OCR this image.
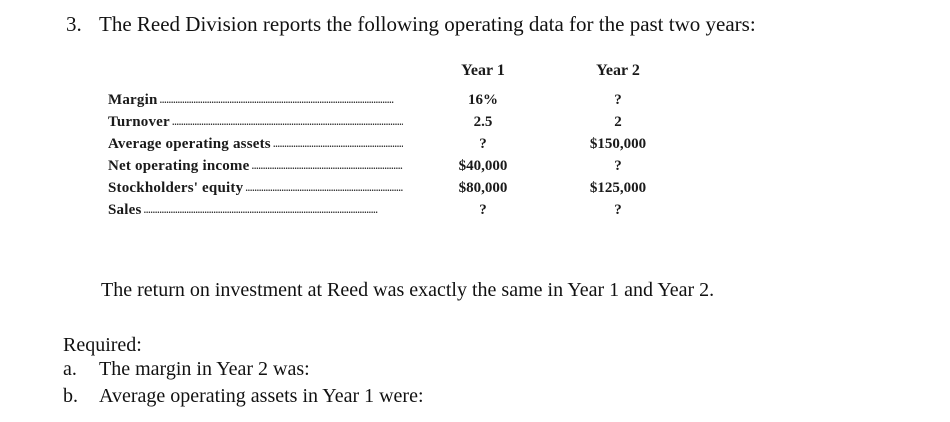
3. The Reed Division reports the following operating data for the past two years:
Year 1	Year 2
Margin .....	16%	?
Turnover .....	2.5	2
Average operating assets .....	?	$150,000
Net operating income .....	$40,000	?
Stockholders' equity .....	$80,000	$125,000
Sales .....	?	?
The return on investment at Reed was exactly the same in Year 1 and Year 2.
Required:
a. The margin in Year 2 was:
b. Average operating assets in Year 1 were:
